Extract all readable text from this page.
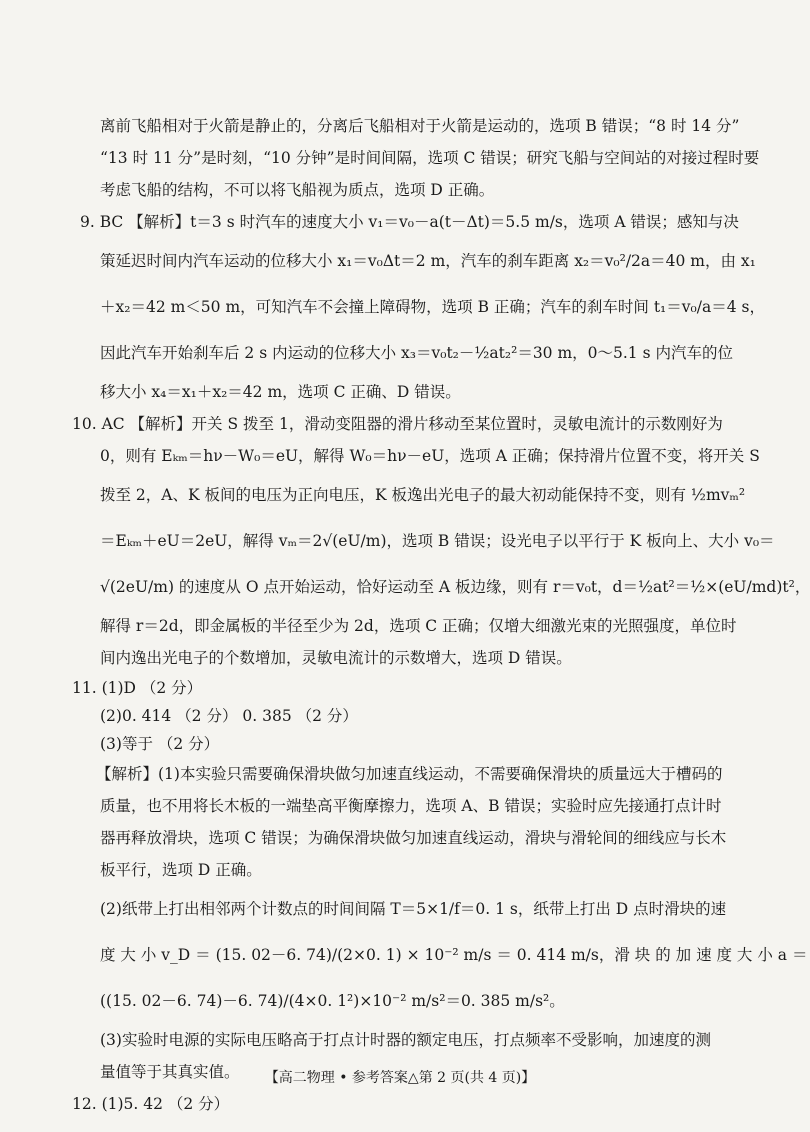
离前飞船相对于火箭是静止的，分离后飞船相对于火箭是运动的，选项 B 错误；“8 时 14 分”
“13 时 11 分”是时刻，“10 分钟”是时间间隔，选项 C 错误；研究飞船与空间站的对接过程时要
考虑飞船的结构，不可以将飞船视为质点，选项 D 正确。
9. BC 【解析】t＝3 s 时汽车的速度大小 v₁＝v₀－a(t－Δt)＝5.5 m/s，选项 A 错误；感知与决
策延迟时间内汽车运动的位移大小 x₁＝v₀Δt＝2 m，汽车的刹车距离 x₂＝v₀²/2a＝40 m，由 x₁
＋x₂＝42 m＜50 m，可知汽车不会撞上障碍物，选项 B 正确；汽车的刹车时间 t₁＝v₀/a＝4 s，
因此汽车开始刹车后 2 s 内运动的位移大小 x₃＝v₀t₂－½at₂²＝30 m，0～5.1 s 内汽车的位
移大小 x₄＝x₁＋x₂＝42 m，选项 C 正确、D 错误。
10. AC 【解析】开关 S 拨至 1，滑动变阻器的滑片移动至某位置时，灵敏电流计的示数刚好为
0，则有 Eₖₘ＝hν－W₀＝eU，解得 W₀＝hν－eU，选项 A 正确；保持滑片位置不变，将开关 S
拨至 2，A、K 板间的电压为正向电压，K 板逸出光电子的最大初动能保持不变，则有 ½mvₘ²
＝Eₖₘ＋eU＝2eU，解得 vₘ＝2√(eU/m)，选项 B 错误；设光电子以平行于 K 板向上、大小 v₀＝
√(2eU/m) 的速度从 O 点开始运动，恰好运动至 A 板边缘，则有 r＝v₀t，d＝½at²＝½×(eU/md)t²，
解得 r＝2d，即金属板的半径至少为 2d，选项 C 正确；仅增大细激光束的光照强度，单位时
间内逸出光电子的个数增加，灵敏电流计的示数增大，选项 D 错误。
11. (1)D （2 分）
(2)0. 414 （2 分） 0. 385 （2 分）
(3)等于 （2 分）
【解析】(1)本实验只需要确保滑块做匀加速直线运动，不需要确保滑块的质量远大于槽码的
质量，也不用将长木板的一端垫高平衡摩擦力，选项 A、B 错误；实验时应先接通打点计时
器再释放滑块，选项 C 错误；为确保滑块做匀加速直线运动，滑块与滑轮间的细线应与长木
板平行，选项 D 正确。
(2)纸带上打出相邻两个计数点的时间间隔 T＝5×1/f＝0. 1 s，纸带上打出 D 点时滑块的速
度 大 小 v_D ＝ (15. 02－6. 74)/(2×0. 1) × 10⁻² m/s ＝ 0. 414 m/s，滑 块 的 加 速 度 大 小 a ＝
((15. 02－6. 74)－6. 74)/(4×0. 1²)×10⁻² m/s²＝0. 385 m/s²。
(3)实验时电源的实际电压略高于打点计时器的额定电压，打点频率不受影响，加速度的测
量值等于其真实值。
12. (1)5. 42 （2 分）
【高二物理 • 参考答案△第 2 页(共 4 页)】
